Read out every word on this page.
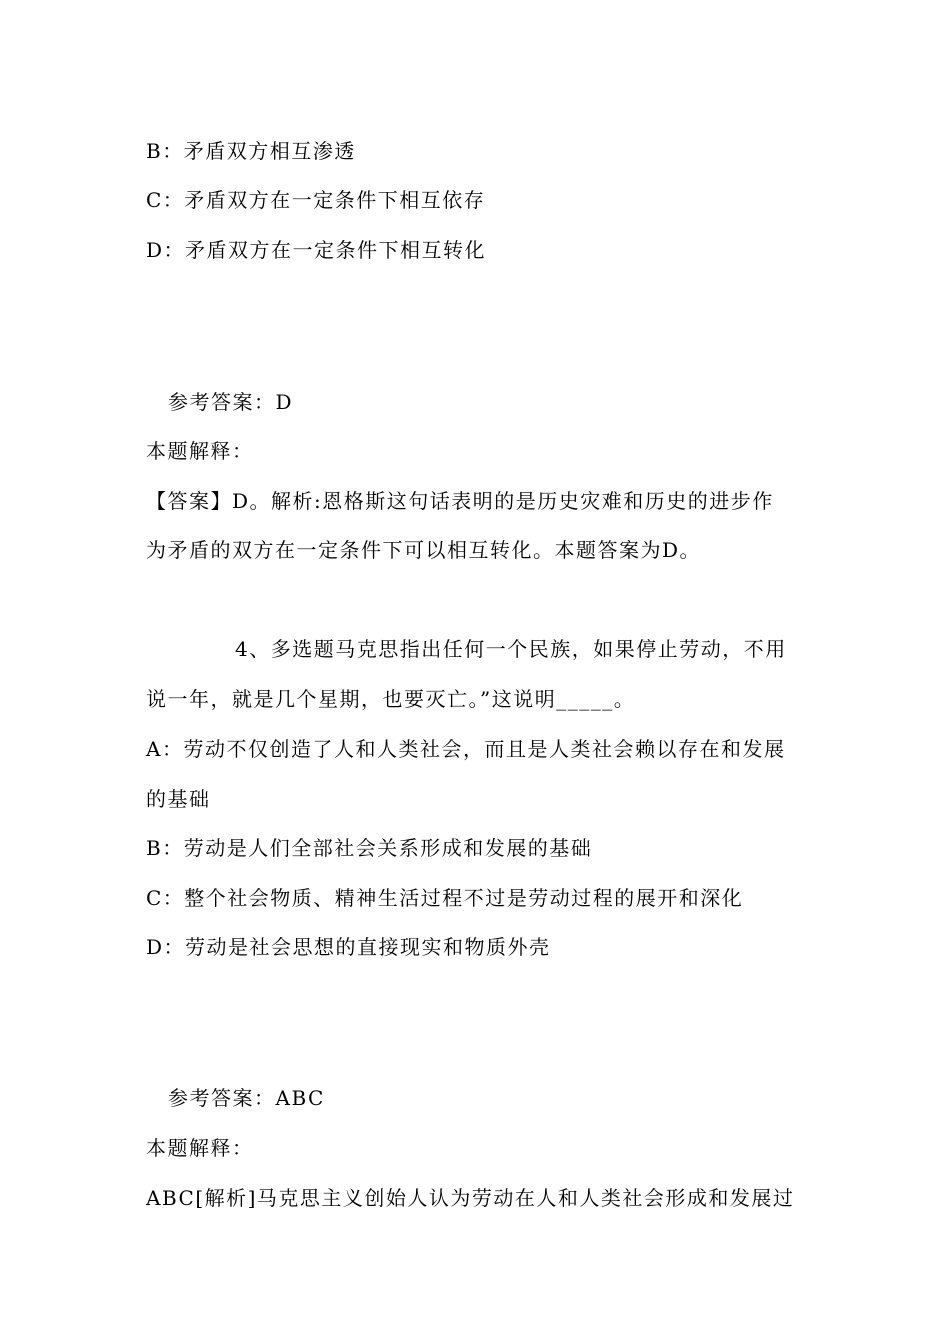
B：矛盾双方相互渗透
C：矛盾双方在一定条件下相互依存
D：矛盾双方在一定条件下相互转化
参考答案：D
本题解释：
【答案】D。解析:恩格斯这句话表明的是历史灾难和历史的进步作
为矛盾的双方在一定条件下可以相互转化。本题答案为D。
4、多选题马克思指出任何一个民族，如果停止劳动，不用
说一年，就是几个星期，也要灭亡。”这说明_____。
A：劳动不仅创造了人和人类社会，而且是人类社会赖以存在和发展
的基础
B：劳动是人们全部社会关系形成和发展的基础
C：整个社会物质、精神生活过程不过是劳动过程的展开和深化
D：劳动是社会思想的直接现实和物质外壳
参考答案：ABC
本题解释：
ABC[解析]马克思主义创始人认为劳动在人和人类社会形成和发展过
